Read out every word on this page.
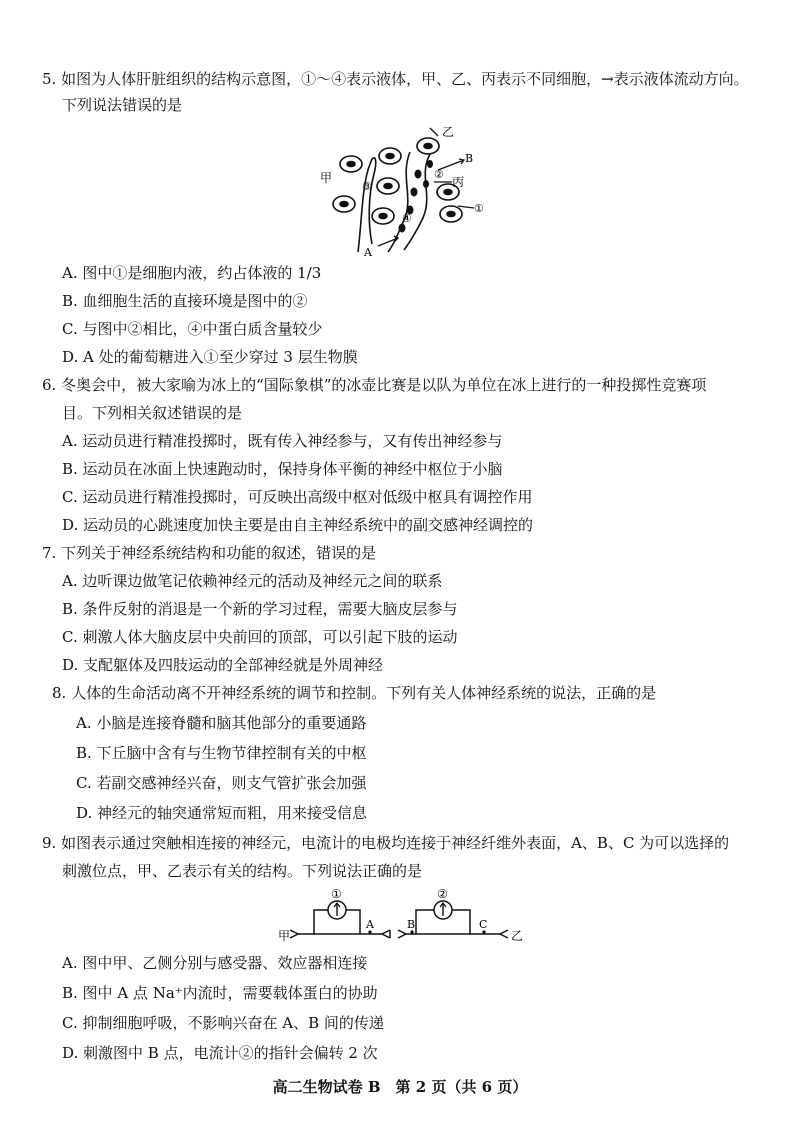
5. 如图为人体肝脏组织的结构示意图，①～④表示液体，甲、乙、丙表示不同细胞，→表示液体流动方向。
下列说法错误的是
乙
B
②
甲
③	丙
①
④
A
A. 图中①是细胞内液，约占体液的 1/3
B. 血细胞生活的直接环境是图中的②
C. 与图中②相比，④中蛋白质含量较少
D. A 处的葡萄糖进入①至少穿过 3 层生物膜
6. 冬奥会中，被大家喻为冰上的“国际象棋”的冰壶比赛是以队为单位在冰上进行的一种投掷性竞赛项
目。下列相关叙述错误的是
A. 运动员进行精准投掷时，既有传入神经参与，又有传出神经参与
B. 运动员在冰面上快速跑动时，保持身体平衡的神经中枢位于小脑
C. 运动员进行精准投掷时，可反映出高级中枢对低级中枢具有调控作用
D. 运动员的心跳速度加快主要是由自主神经系统中的副交感神经调控的
7. 下列关于神经系统结构和功能的叙述，错误的是
A. 边听课边做笔记依赖神经元的活动及神经元之间的联系
B. 条件反射的消退是一个新的学习过程，需要大脑皮层参与
C. 刺激人体大脑皮层中央前回的顶部，可以引起下肢的运动
D. 支配躯体及四肢运动的全部神经就是外周神经
8. 人体的生命活动离不开神经系统的调节和控制。下列有关人体神经系统的说法，正确的是
A. 小脑是连接脊髓和脑其他部分的重要通路
B. 下丘脑中含有与生物节律控制有关的中枢
C. 若副交感神经兴奋，则支气管扩张会加强
D. 神经元的轴突通常短而粗，用来接受信息
9. 如图表示通过突触相连接的神经元，电流计的电极均连接于神经纤维外表面，A、B、C 为可以选择的
刺激位点，甲、乙表示有关的结构。下列说法正确的是
①	②
甲
A	B	C
乙
A. 图中甲、乙侧分别与感受器、效应器相连接
B. 图中 A 点 Na⁺内流时，需要载体蛋白的协助
C. 抑制细胞呼吸，不影响兴奋在 A、B 间的传递
D. 刺激图中 B 点，电流计②的指针会偏转 2 次
高二生物试卷 B　第 2 页（共 6 页）
